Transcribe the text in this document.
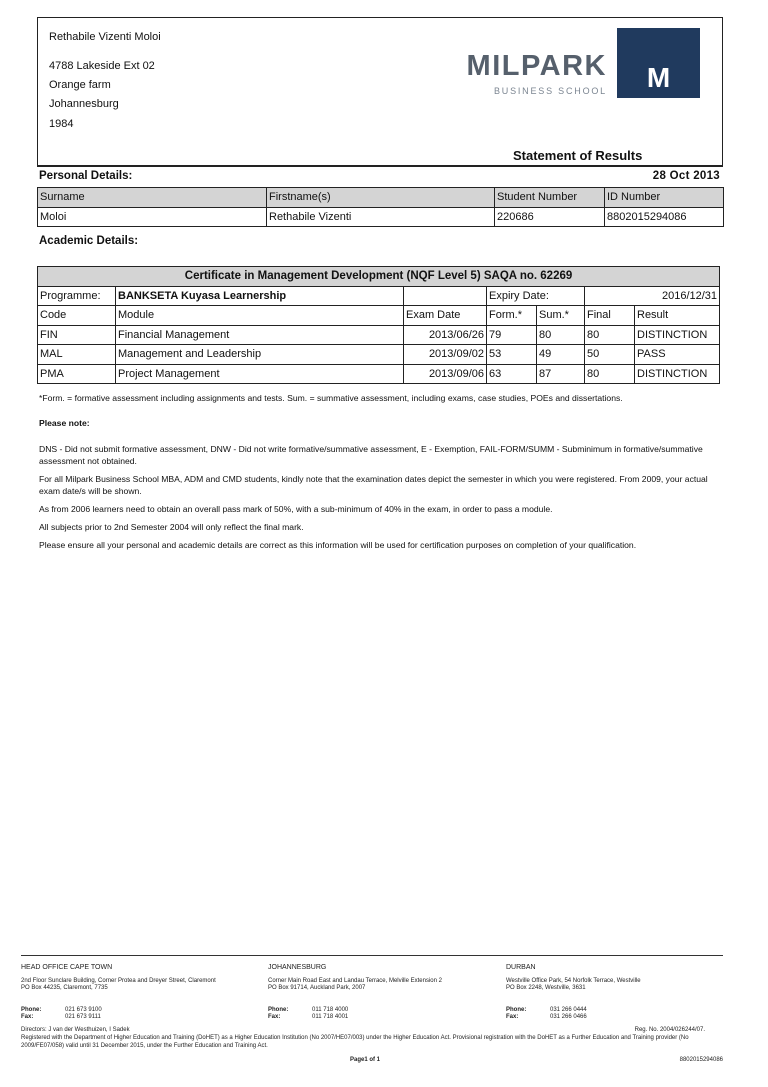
Rethabile Vizenti Moloi
4788 Lakeside Ext 02
Orange farm
Johannesburg
1984
MILPARK
BUSINESS SCHOOL	M
Statement of Results
Personal Details:	28 Oct 2013
Surname	Firstname(s)	Student Number	ID Number
Moloi	Rethabile Vizenti	220686	8802015294086
Academic Details:
Certificate in Management Development (NQF Level 5) SAQA no. 62269						
Programme:	BANKSETA Kuyasa Learnership		Expiry Date:		2016/12/31	
Code	Module	Exam Date	Form.*	Sum.*	Final	Result
FIN	Financial Management	2013/06/26	79	80	80	DISTINCTION
MAL	Management and Leadership	2013/09/02	53	49	50	PASS
PMA	Project Management	2013/09/06	63	87	80	DISTINCTION

*Form. = formative assessment including assignments and tests. Sum. = summative assessment, including exams, case studies, POEs and dissertations.

Please note:

DNS - Did not submit formative assessment, DNW - Did not write formative/summative assessment, E - Exemption, FAIL-FORM/SUMM - Subminimum in formative/summative assessment not obtained.

For all Milpark Business School MBA, ADM and CMD students, kindly note that the examination dates depict the semester in which you were registered. From 2009, your actual exam date/s will be shown.

As from 2006 learners need to obtain an overall pass mark of 50%, with a sub-minimum of 40% in the exam, in order to pass a module.

All subjects prior to 2nd Semester 2004 will only reflect the final mark.

Please ensure all your personal and academic details are correct as this information will be used for certification purposes on completion of your qualification.

HEAD OFFICE CAPE TOWN
2nd Floor Sunclare Building, Corner Protea and Dreyer Street, Claremont
PO Box 44235, Claremont, 7735
Phone:	021 673 9100
Fax:	021 673 9111
JOHANNESBURG
Corner Main Road East and Landau Terrace, Melville Extension 2
PO Box 91714, Auckland Park, 2007
Phone:	011 718 4000
Fax:	011 718 4001
DURBAN
Westville Office Park, 54 Norfolk Terrace, Westville
PO Box 2248, Westville, 3631
Phone:	031 266 0444
Fax:	031 266 0466
Directors: J van der Westhuizen, I Sadek	Reg. No. 2004/026244/07.
Registered with the Department of Higher Education and Training (DoHET) as a Higher Education Institution (No 2007/HE07/003) under the Higher Education Act. Provisional registration with the DoHET as a Further Education and Training provider (No 2009/FE07/058) valid until 31 December 2015, under the Further Education and Training Act.
Page1 of 1	8802015294086
